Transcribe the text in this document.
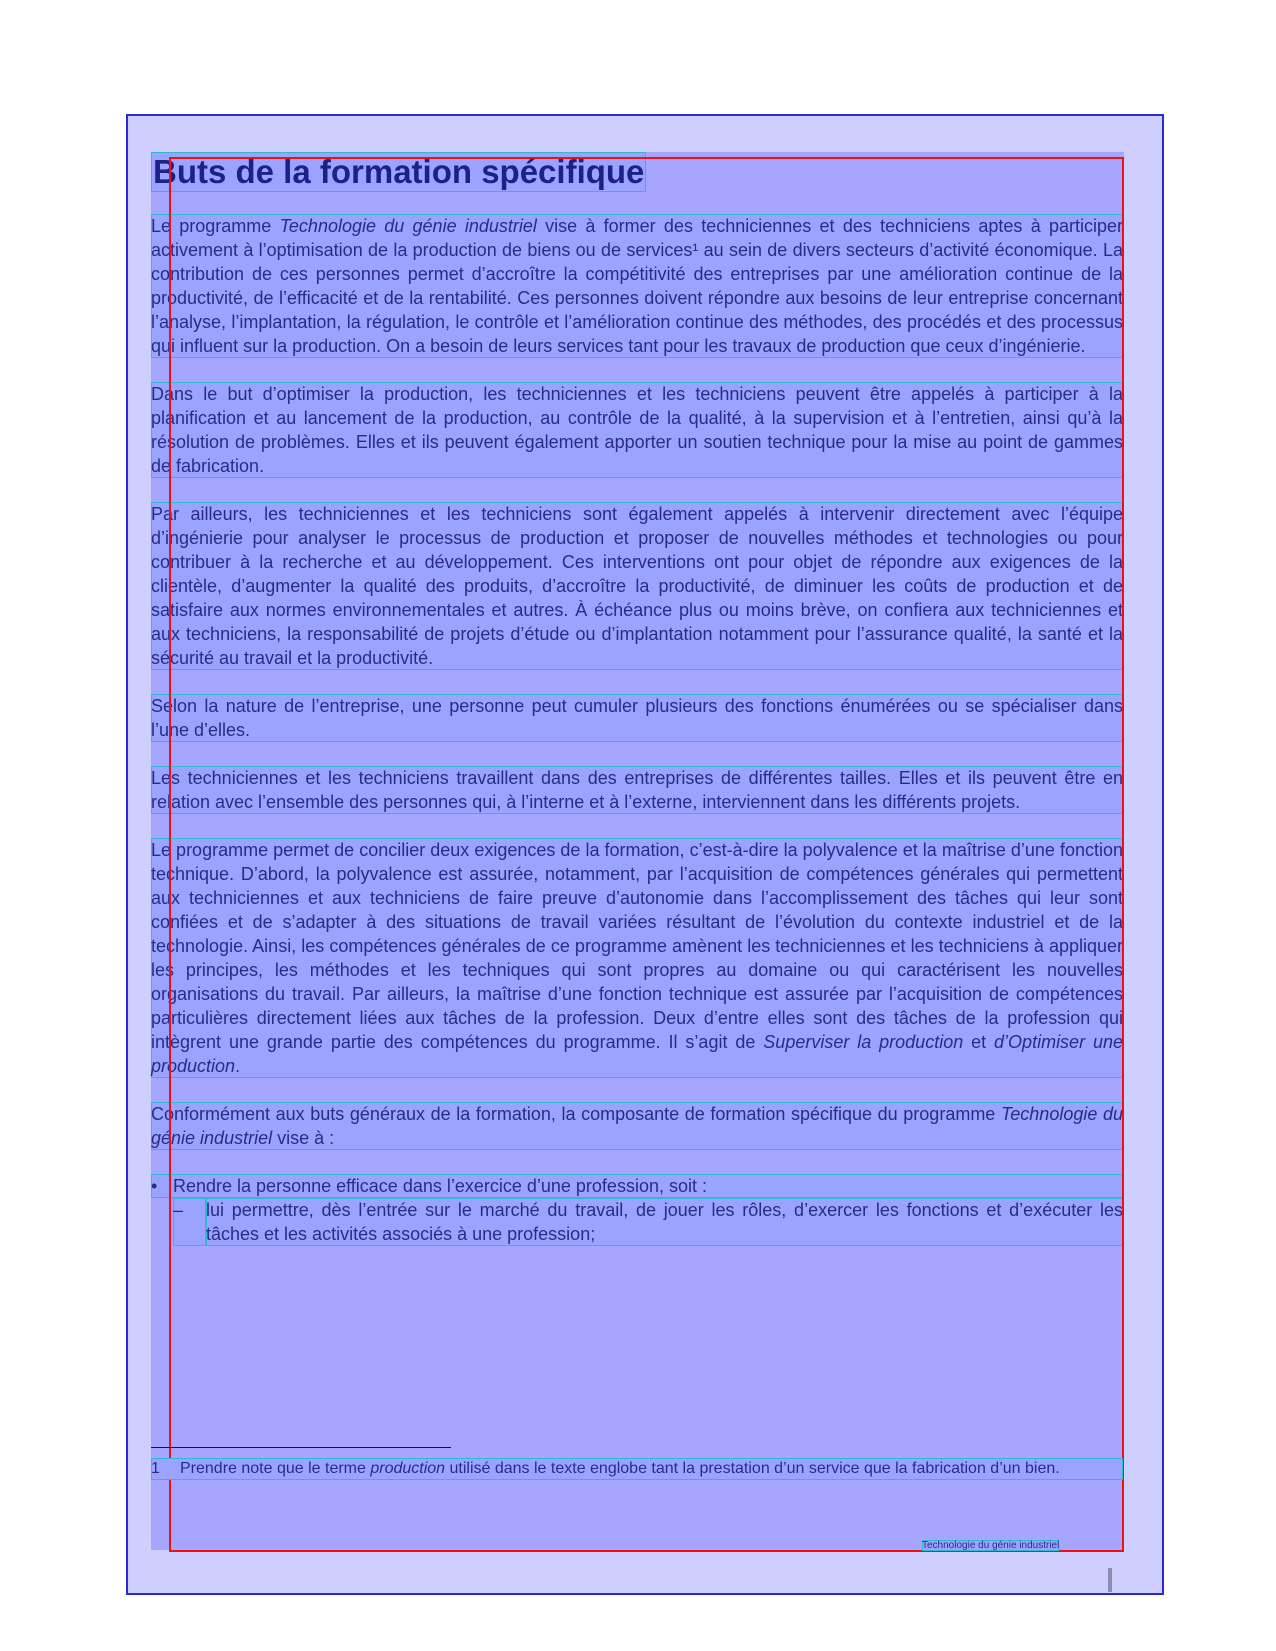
Buts de la formation spécifique

Le programme Technologie du génie industriel vise à former des techniciennes et des techniciens aptes à participer activement à l’optimisation de la production de biens ou de services¹ au sein de divers secteurs d’activité économique. La contribution de ces personnes permet d’accroître la compétitivité des entreprises par une amélioration continue de la productivité, de l’efficacité et de la rentabilité. Ces personnes doivent répondre aux besoins de leur entreprise concernant l’analyse, l’implantation, la régulation, le contrôle et l’amélioration continue des méthodes, des procédés et des processus qui influent sur la production. On a besoin de leurs services tant pour les travaux de production que ceux d’ingénierie.

Dans le but d’optimiser la production, les techniciennes et les techniciens peuvent être appelés à participer à la planification et au lancement de la production, au contrôle de la qualité, à la supervision et à l’entretien, ainsi qu’à la résolution de problèmes. Elles et ils peuvent également apporter un soutien technique pour la mise au point de gammes de fabrication.

Par ailleurs, les techniciennes et les techniciens sont également appelés à intervenir directement avec l’équipe d’ingénierie pour analyser le processus de production et proposer de nouvelles méthodes et technologies ou pour contribuer à la recherche et au développement. Ces interventions ont pour objet de répondre aux exigences de la clientèle, d’augmenter la qualité des produits, d’accroître la productivité, de diminuer les coûts de production et de satisfaire aux normes environnementales et autres. À échéance plus ou moins brève, on confiera aux techniciennes et aux techniciens, la responsabilité de projets d’étude ou d’implantation notamment pour l’assurance qualité, la santé et la sécurité au travail et la productivité.

Selon la nature de l’entreprise, une personne peut cumuler plusieurs des fonctions énumérées ou se spécialiser dans l’une d’elles.

Les techniciennes et les techniciens travaillent dans des entreprises de différentes tailles. Elles et ils peuvent être en relation avec l’ensemble des personnes qui, à l’interne et à l’externe, interviennent dans les différents projets.

Le programme permet de concilier deux exigences de la formation, c’est-à-dire la polyvalence et la maîtrise d’une fonction technique. D’abord, la polyvalence est assurée, notamment, par l’acquisition de compétences générales qui permettent aux techniciennes et aux techniciens de faire preuve d’autonomie dans l’accomplissement des tâches qui leur sont confiées et de s’adapter à des situations de travail variées résultant de l’évolution du contexte industriel et de la technologie. Ainsi, les compétences générales de ce programme amènent les techniciennes et les techniciens à appliquer les principes, les méthodes et les techniques qui sont propres au domaine ou qui caractérisent les nouvelles organisations du travail. Par ailleurs, la maîtrise d’une fonction technique est assurée par l’acquisition de compétences particulières directement liées aux tâches de la profession. Deux d’entre elles sont des tâches de la profession qui intègrent une grande partie des compétences du programme. Il s’agit de Superviser la production et d’Optimiser une production.

Conformément aux buts généraux de la formation, la composante de formation spécifique du programme Technologie du génie industriel vise à :

• Rendre la personne efficace dans l’exercice d’une profession, soit :
–	lui permettre, dès l’entrée sur le marché du travail, de jouer les rôles, d’exercer les fonctions et d’exécuter les tâches et les activités associés à une profession;
1	Prendre note que le terme production utilisé dans le texte englobe tant la prestation d’un service que la fabrication d’un bien.
Technologie du génie industriel
